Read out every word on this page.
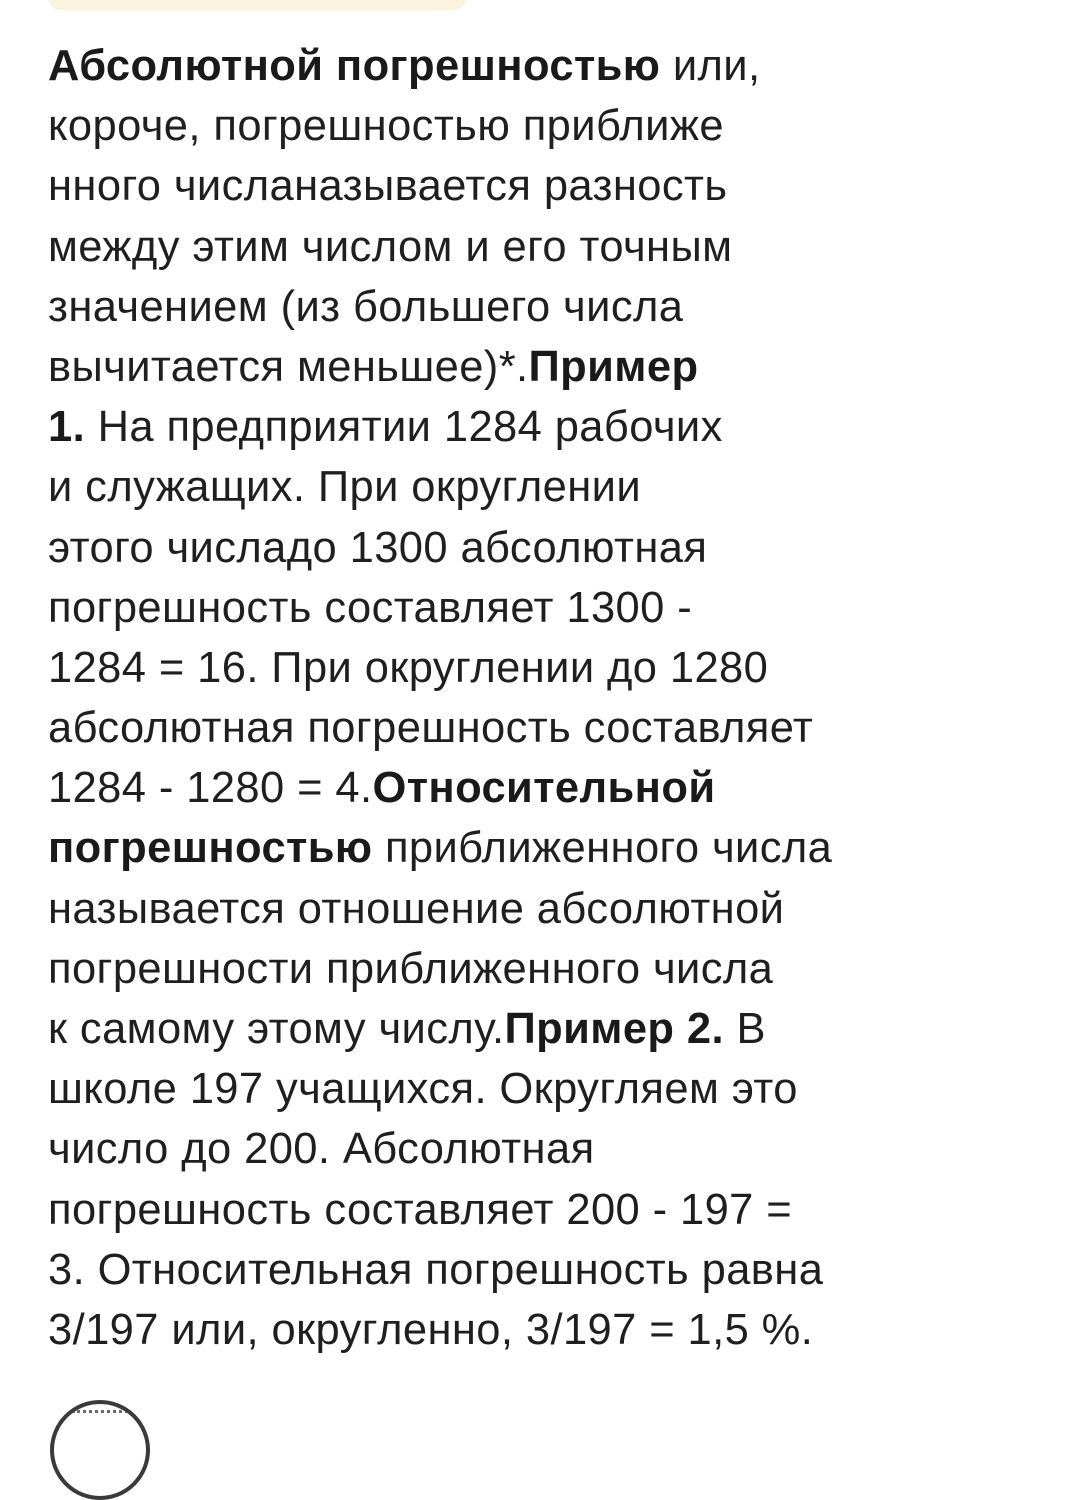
Абсолютной погрешностью или,
короче, погрешностью приближе
нного числаназывается разность
между этим числом и его точным
значением (из большего числа
вычитается меньшее)*.Пример
1. На предприятии 1284 рабочих
и служащих. При округлении
этого числадо 1300 абсолютная
погрешность составляет 1300 -
1284 = 16. При округлении до 1280
абсолютная погрешность составляет
1284 - 1280 = 4.Относительной
погрешностью приближенного числа
называется отношение абсолютной
погрешности приближенного числа
к самому этому числу.Пример 2. В
школе 197 учащихся. Округляем это
число до 200. Абсолютная
погрешность составляет 200 - 197 =
3. Относительная погрешность равна
3/197 или, округленно, 3/197 = 1,5 %.
